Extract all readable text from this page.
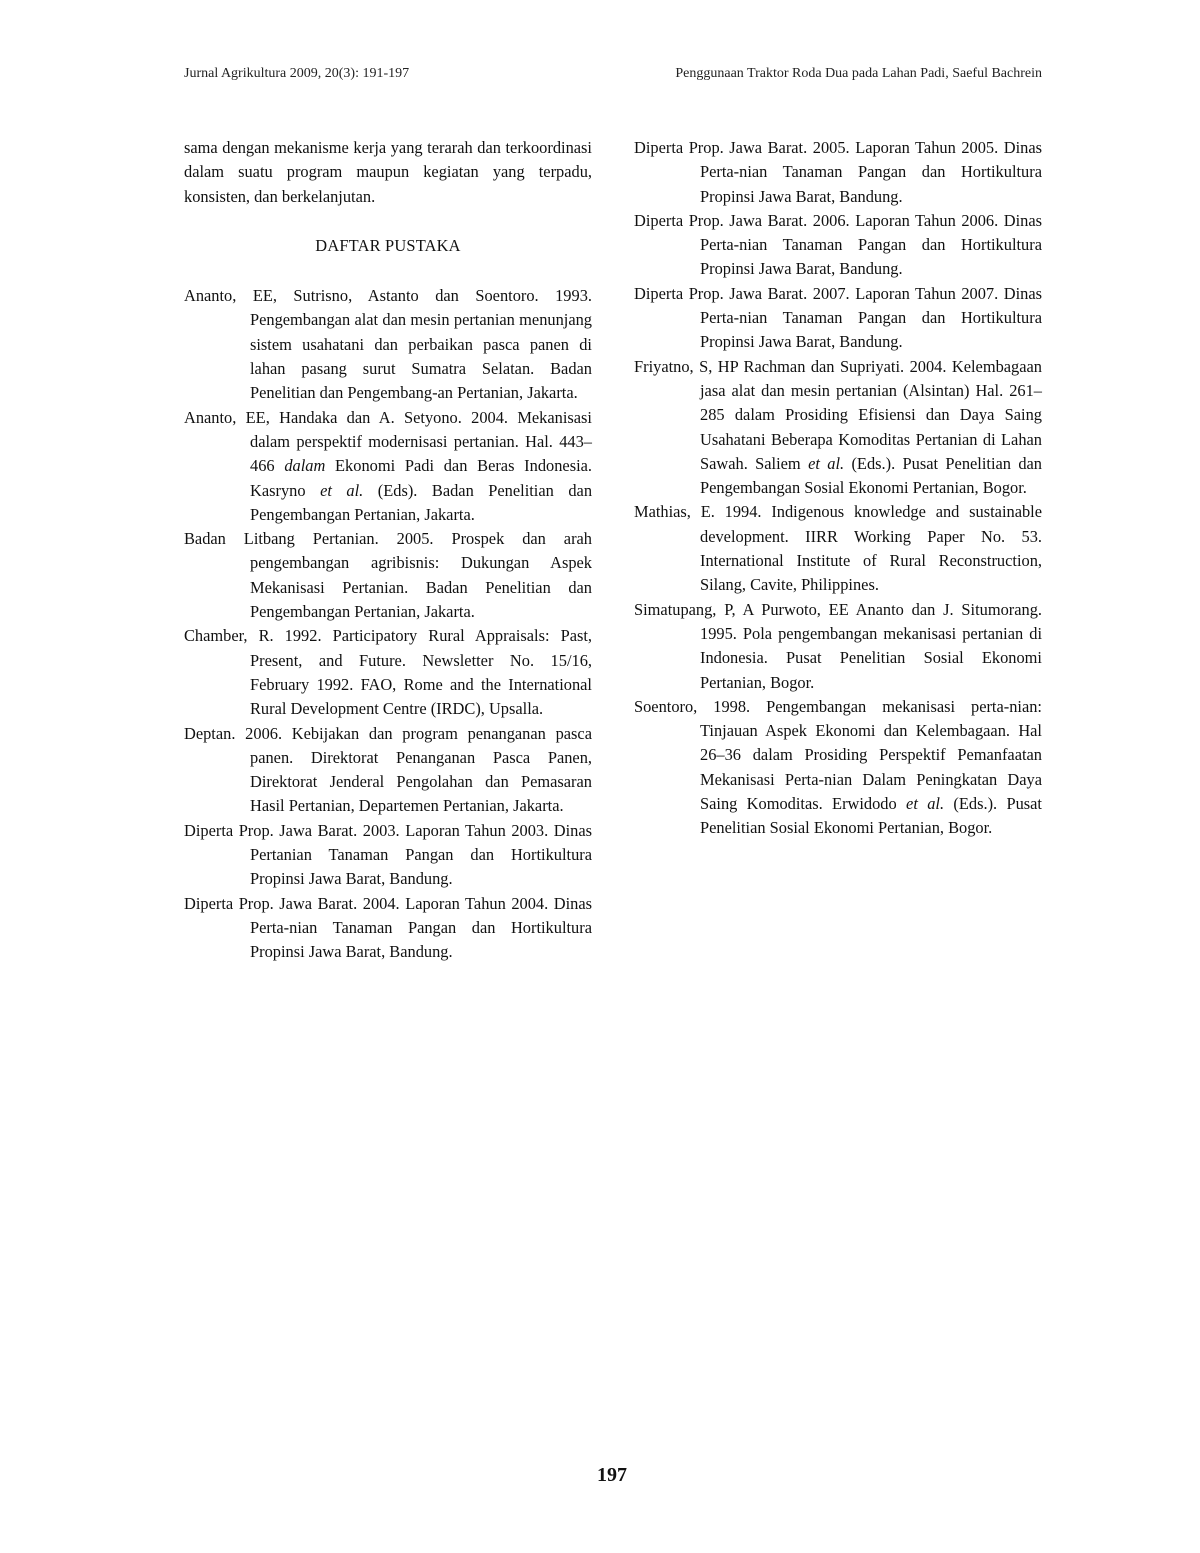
Jurnal Agrikultura 2009, 20(3): 191-197	Penggunaan Traktor Roda Dua pada Lahan Padi, Saeful Bachrein

sama dengan mekanisme kerja yang terarah dan terkoordinasi dalam suatu program maupun kegiatan yang terpadu, konsisten, dan berkelanjutan.

DAFTAR PUSTAKA

Ananto, EE, Sutrisno, Astanto dan Soentoro. 1993. Pengembangan alat dan mesin pertanian menunjang sistem usahatani dan perbaikan pasca panen di lahan pasang surut Sumatra Selatan. Badan Penelitian dan Pengembang-an Pertanian, Jakarta.

Ananto, EE, Handaka dan A. Setyono. 2004. Mekanisasi dalam perspektif modernisasi pertanian. Hal. 443–466 dalam Ekonomi Padi dan Beras Indonesia. Kasryno et al. (Eds). Badan Penelitian dan Pengembangan Pertanian, Jakarta.

Badan Litbang Pertanian. 2005. Prospek dan arah pengembangan agribisnis: Dukungan Aspek Mekanisasi Pertanian. Badan Penelitian dan Pengembangan Pertanian, Jakarta.

Chamber, R. 1992. Participatory Rural Appraisals: Past, Present, and Future. Newsletter No. 15/16, February 1992. FAO, Rome and the International Rural Development Centre (IRDC), Upsalla.

Deptan. 2006. Kebijakan dan program penanganan pasca panen. Direktorat Penanganan Pasca Panen, Direktorat Jenderal Pengolahan dan Pemasaran Hasil Pertanian, Departemen Pertanian, Jakarta.

Diperta Prop. Jawa Barat. 2003. Laporan Tahun 2003. Dinas Pertanian Tanaman Pangan dan Hortikultura Propinsi Jawa Barat, Bandung.

Diperta Prop. Jawa Barat. 2004. Laporan Tahun 2004. Dinas Perta-nian Tanaman Pangan dan Hortikultura Propinsi Jawa Barat, Bandung.

Diperta Prop. Jawa Barat. 2005. Laporan Tahun 2005. Dinas Perta-nian Tanaman Pangan dan Hortikultura Propinsi Jawa Barat, Bandung.

Diperta Prop. Jawa Barat. 2006. Laporan Tahun 2006. Dinas Perta-nian Tanaman Pangan dan Hortikultura Propinsi Jawa Barat, Bandung.

Diperta Prop. Jawa Barat. 2007. Laporan Tahun 2007. Dinas Perta-nian Tanaman Pangan dan Hortikultura Propinsi Jawa Barat, Bandung.

Friyatno, S, HP Rachman dan Supriyati. 2004. Kelembagaan jasa alat dan mesin pertanian (Alsintan) Hal. 261–285 dalam Prosiding Efisiensi dan Daya Saing Usahatani Beberapa Komoditas Pertanian di Lahan Sawah. Saliem et al. (Eds.). Pusat Penelitian dan Pengembangan Sosial Ekonomi Pertanian, Bogor.

Mathias, E. 1994. Indigenous knowledge and sustainable development. IIRR Working Paper No. 53. International Institute of Rural Reconstruction, Silang, Cavite, Philippines.

Simatupang, P, A Purwoto, EE Ananto dan J. Situmorang. 1995. Pola pengembangan mekanisasi pertanian di Indonesia. Pusat Penelitian Sosial Ekonomi Pertanian, Bogor.

Soentoro, 1998. Pengembangan mekanisasi perta-nian: Tinjauan Aspek Ekonomi dan Kelembagaan. Hal 26–36 dalam Prosiding Perspektif Pemanfaatan Mekanisasi Perta-nian Dalam Peningkatan Daya Saing Komoditas. Erwidodo et al. (Eds.). Pusat Penelitian Sosial Ekonomi Pertanian, Bogor.

197
